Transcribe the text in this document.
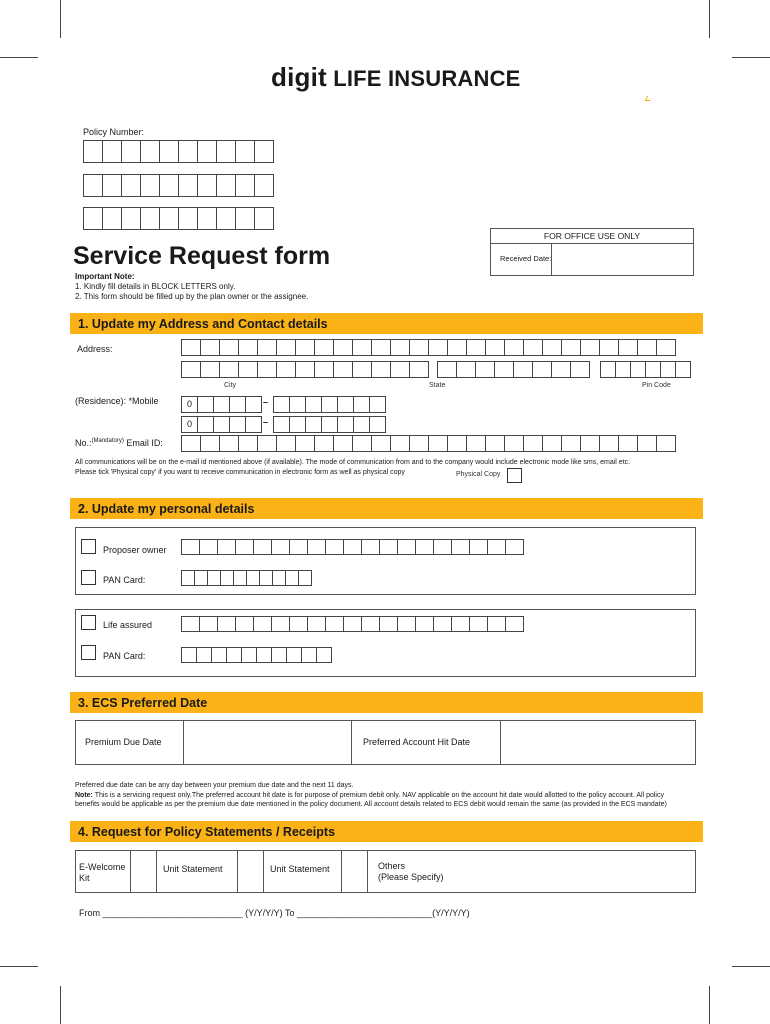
digit LIFE INSURANCE
Policy Number:
FOR OFFICE USE ONLY
Received Date:
Service Request form
Important Note:
1. Kindly fill details in BLOCK LETTERS only.
2. This form should be filled up by the plan owner or the assignee.
1. Update my Address and Contact details
Address:
City	State	Pin Code
(Residence): *Mobile	0	–
0	–
No.:$^{(Mandatory)}$ Email ID:
All communications will be on the e-mail id mentioned above (if available). The mode of communication from and to the company would include electronic mode like sms, email etc.
Please tick 'Physical copy' if you want to receive communication in electronic form as well as physical copy	Physical Copy
2. Update my personal details
Proposer owner
PAN Card:
Life assured
PAN Card:
3. ECS Preferred Date
Premium Due Date	Preferred Account Hit Date
Preferred due date can be any day between your premium due date and the next 11 days.
Note: This is a servicing request only.The preferred account hit date is for purpose of premium debit only. NAV applicable on the account hit date would allotted to the policy account. All policy
benefits would be applicable as per the premium due date mentioned in the policy document. All account details related to ECS debit would remain the same (as provided in the ECS mandate)
4. Request for Policy Statements / Receipts
E-Welcome
Kit
Unit Statement	Unit Statement	Others
(Please Specify)
From ____________________________ (Y/Y/Y/Y) To ___________________________(Y/Y/Y/Y)
